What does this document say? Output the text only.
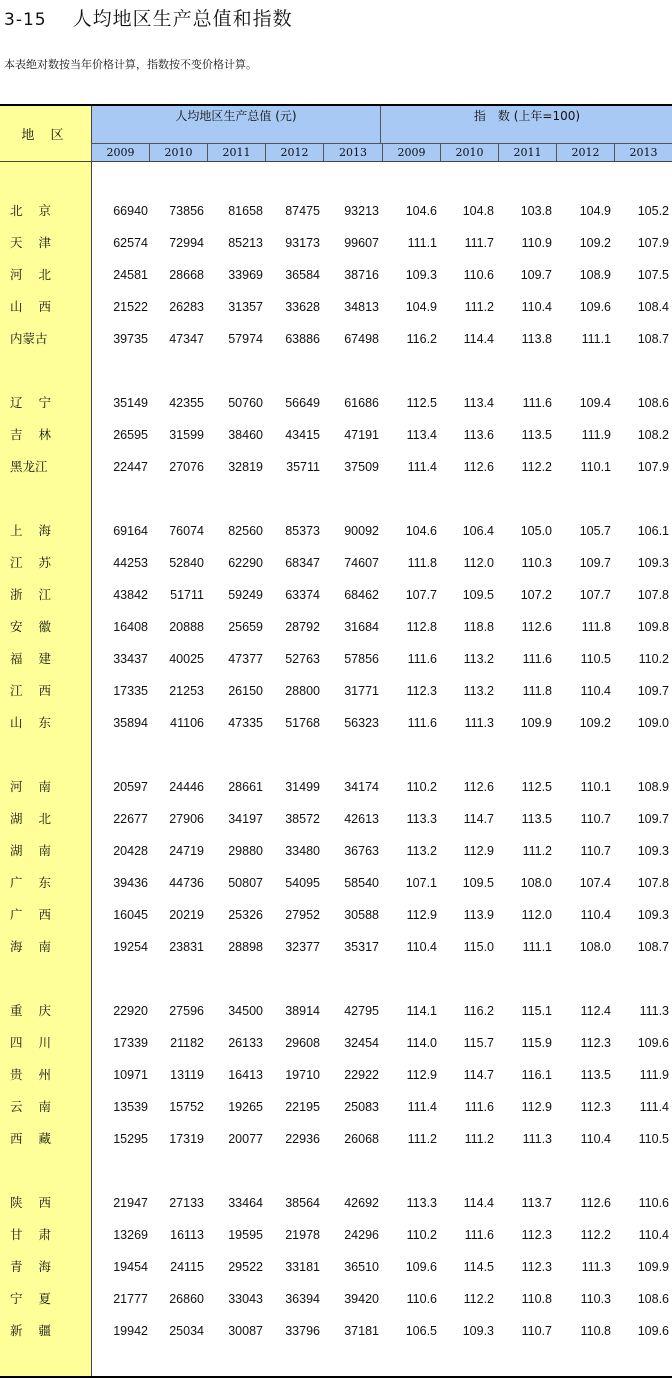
3-15 人均地区生产总值和指数
本表绝对数按当年价格计算，指数按不变价格计算。
地 区
人均地区生产总值 (元)	指　数 (上年=100)
2009	2010	2011	2012	2013	2009	2010	2011	2012	2013
北京	66940	73856	81658	87475	93213	104.6	104.8	103.8	104.9	105.2
天津	62574	72994	85213	93173	99607	111.1	111.7	110.9	109.2	107.9
河北	24581	28668	33969	36584	38716	109.3	110.6	109.7	108.9	107.5
山西	21522	26283	31357	33628	34813	104.9	111.2	110.4	109.6	108.4
内蒙古	39735	47347	57974	63886	67498	116.2	114.4	113.8	111.1	108.7
辽宁	35149	42355	50760	56649	61686	112.5	113.4	111.6	109.4	108.6
吉林	26595	31599	38460	43415	47191	113.4	113.6	113.5	111.9	108.2
黑龙江	22447	27076	32819	35711	37509	111.4	112.6	112.2	110.1	107.9
上海	69164	76074	82560	85373	90092	104.6	106.4	105.0	105.7	106.1
江苏	44253	52840	62290	68347	74607	111.8	112.0	110.3	109.7	109.3
浙江	43842	51711	59249	63374	68462	107.7	109.5	107.2	107.7	107.8
安徽	16408	20888	25659	28792	31684	112.8	118.8	112.6	111.8	109.8
福建	33437	40025	47377	52763	57856	111.6	113.2	111.6	110.5	110.2
江西	17335	21253	26150	28800	31771	112.3	113.2	111.8	110.4	109.7
山东	35894	41106	47335	51768	56323	111.6	111.3	109.9	109.2	109.0
河南	20597	24446	28661	31499	34174	110.2	112.6	112.5	110.1	108.9
湖北	22677	27906	34197	38572	42613	113.3	114.7	113.5	110.7	109.7
湖南	20428	24719	29880	33480	36763	113.2	112.9	111.2	110.7	109.3
广东	39436	44736	50807	54095	58540	107.1	109.5	108.0	107.4	107.8
广西	16045	20219	25326	27952	30588	112.9	113.9	112.0	110.4	109.3
海南	19254	23831	28898	32377	35317	110.4	115.0	111.1	108.0	108.7
重庆	22920	27596	34500	38914	42795	114.1	116.2	115.1	112.4	111.3
四川	17339	21182	26133	29608	32454	114.0	115.7	115.9	112.3	109.6
贵州	10971	13119	16413	19710	22922	112.9	114.7	116.1	113.5	111.9
云南	13539	15752	19265	22195	25083	111.4	111.6	112.9	112.3	111.4
西藏	15295	17319	20077	22936	26068	111.2	111.2	111.3	110.4	110.5
陕西	21947	27133	33464	38564	42692	113.3	114.4	113.7	112.6	110.6
甘肃	13269	16113	19595	21978	24296	110.2	111.6	112.3	112.2	110.4
青海	19454	24115	29522	33181	36510	109.6	114.5	112.3	111.3	109.9
宁夏	21777	26860	33043	36394	39420	110.6	112.2	110.8	110.3	108.6
新疆	19942	25034	30087	33796	37181	106.5	109.3	110.7	110.8	109.6
